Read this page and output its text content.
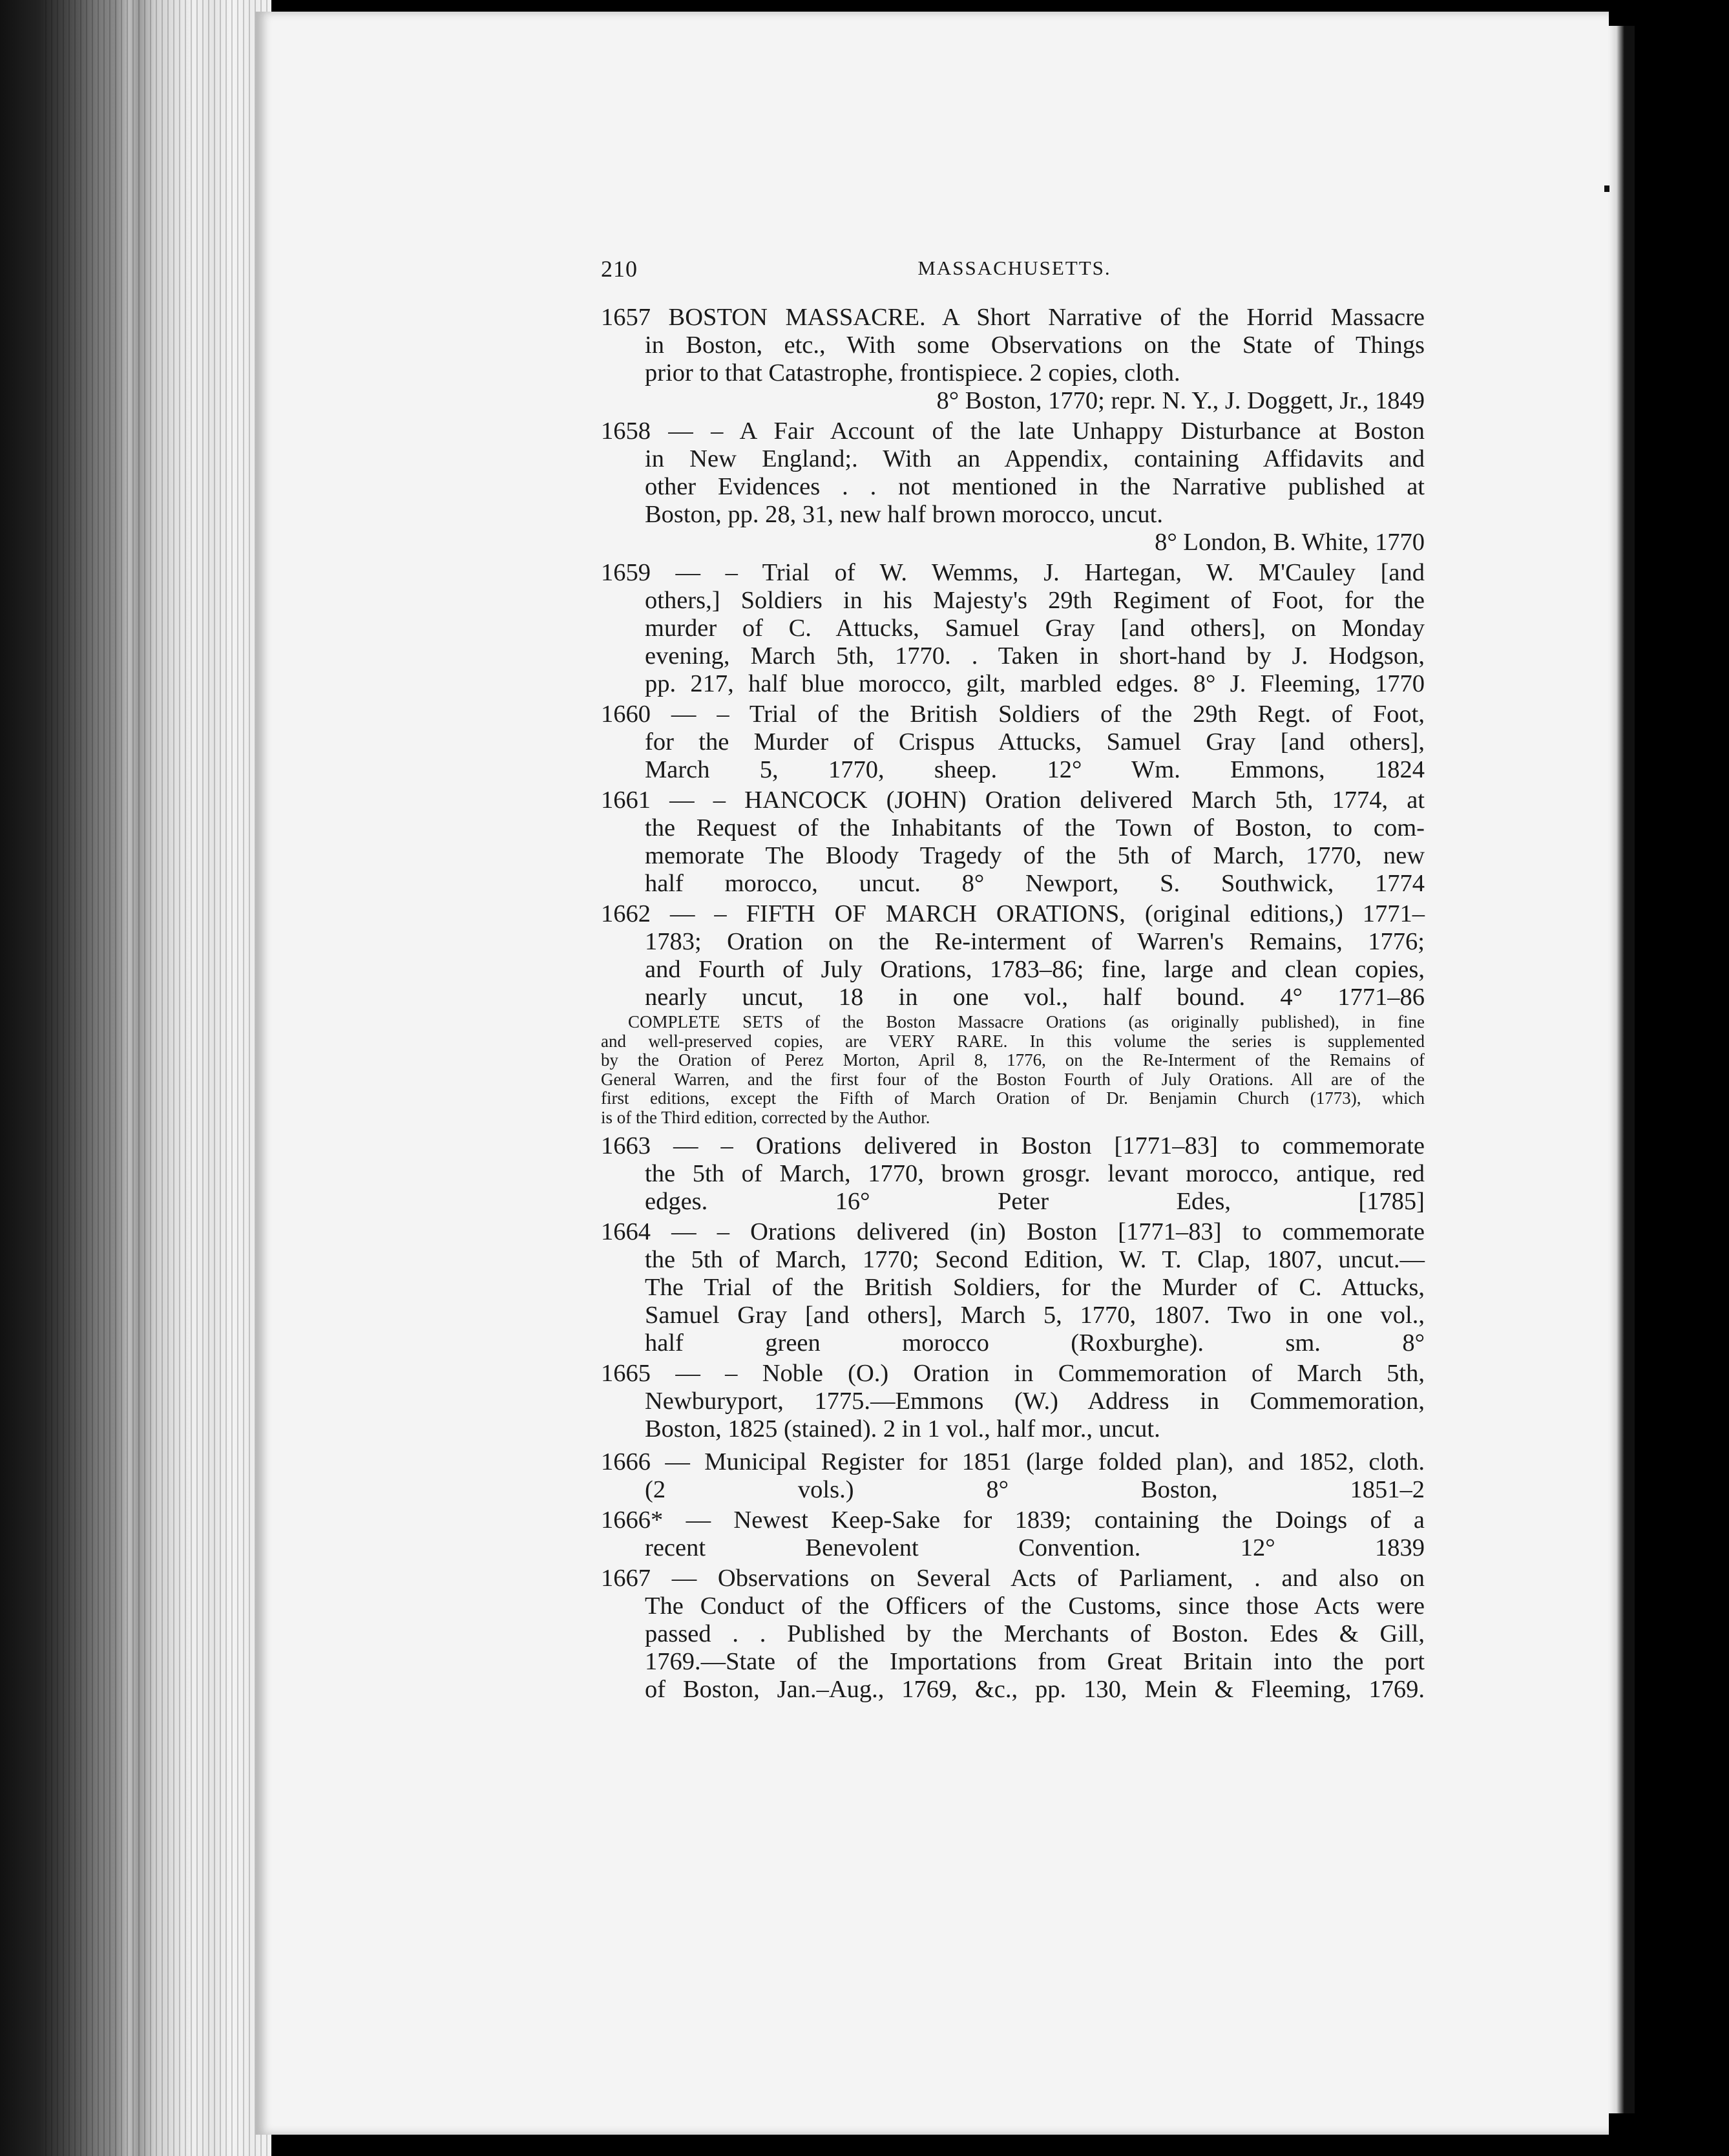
210	MASSACHUSETTS.
1657 BOSTON MASSACRE. A Short Narrative of the Horrid Massacre
in Boston, etc., With some Observations on the State of Things
prior to that Catastrophe, frontispiece. 2 copies, cloth.
8° Boston, 1770; repr. N. Y., J. Doggett, Jr., 1849
1658 — – A Fair Account of the late Unhappy Disturbance at Boston
in New England;. With an Appendix, containing Affidavits and
other Evidences . . not mentioned in the Narrative published at
Boston, pp. 28, 31, new half brown morocco, uncut.
8° London, B. White, 1770
1659 — – Trial of W. Wemms, J. Hartegan, W. M'Cauley [and
others,] Soldiers in his Majesty's 29th Regiment of Foot, for the
murder of C. Attucks, Samuel Gray [and others], on Monday
evening, March 5th, 1770. . Taken in short-hand by J. Hodgson,
pp. 217, half blue morocco, gilt, marbled edges. 8° J. Fleeming, 1770
1660 — – Trial of the British Soldiers of the 29th Regt. of Foot,
for the Murder of Crispus Attucks, Samuel Gray [and others],
March 5, 1770, sheep. 12° Wm. Emmons, 1824
1661 — – HANCOCK (JOHN) Oration delivered March 5th, 1774, at
the Request of the Inhabitants of the Town of Boston, to com-
memorate The Bloody Tragedy of the 5th of March, 1770, new
half morocco, uncut. 8° Newport, S. Southwick, 1774
1662 — – FIFTH OF MARCH ORATIONS, (original editions,) 1771–
1783; Oration on the Re-interment of Warren's Remains, 1776;
and Fourth of July Orations, 1783–86; fine, large and clean copies,
nearly uncut, 18 in one vol., half bound. 4° 1771–86
COMPLETE SETS of the Boston Massacre Orations (as originally published), in fine
and well-preserved copies, are VERY RARE. In this volume the series is supplemented
by the Oration of Perez Morton, April 8, 1776, on the Re-Interment of the Remains of
General Warren, and the first four of the Boston Fourth of July Orations. All are of the
first editions, except the Fifth of March Oration of Dr. Benjamin Church (1773), which
is of the Third edition, corrected by the Author.
1663 — – Orations delivered in Boston [1771–83] to commemorate
the 5th of March, 1770, brown grosgr. levant morocco, antique, red
edges. 16° Peter Edes, [1785]
1664 — – Orations delivered (in) Boston [1771–83] to commemorate
the 5th of March, 1770; Second Edition, W. T. Clap, 1807, uncut.—
The Trial of the British Soldiers, for the Murder of C. Attucks,
Samuel Gray [and others], March 5, 1770, 1807. Two in one vol.,
half green morocco (Roxburghe). sm. 8°
1665 — – Noble (O.) Oration in Commemoration of March 5th,
Newburyport, 1775.—Emmons (W.) Address in Commemoration,
Boston, 1825 (stained). 2 in 1 vol., half mor., uncut.
1666 — Municipal Register for 1851 (large folded plan), and 1852, cloth.
(2 vols.) 8° Boston, 1851–2
1666* — Newest Keep-Sake for 1839; containing the Doings of a
recent Benevolent Convention. 12° 1839
1667 — Observations on Several Acts of Parliament, . and also on
The Conduct of the Officers of the Customs, since those Acts were
passed . . Published by the Merchants of Boston. Edes & Gill,
1769.—State of the Importations from Great Britain into the port
of Boston, Jan.–Aug., 1769, &c., pp. 130, Mein & Fleeming, 1769.
